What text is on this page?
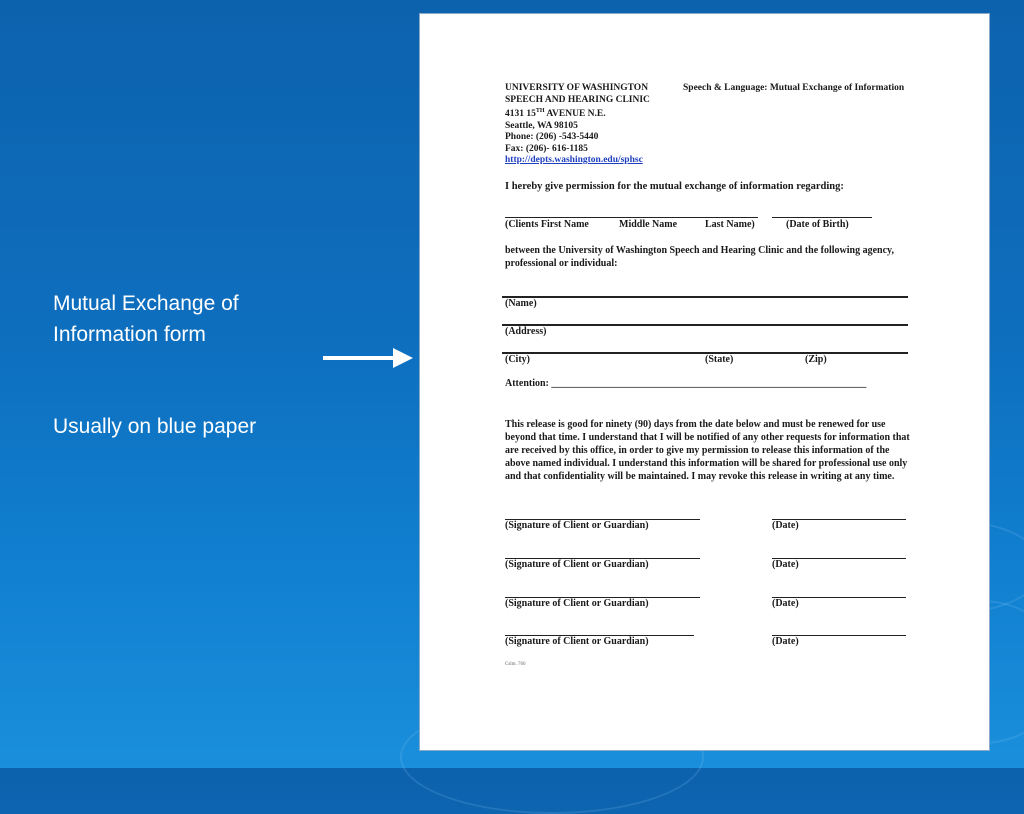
Mutual Exchange of
Information form
Usually on blue paper
UNIVERSITY OF WASHINGTON
SPEECH AND HEARING CLINIC
4131 15TH AVENUE N.E.
Seattle, WA 98105
Phone: (206) -543-5440
Fax: (206)- 616-1185
http://depts.washington.edu/sphsc
Speech & Language: Mutual Exchange of Information
I hereby give permission for the mutual exchange of information regarding:
(Clients First Name	Middle Name	Last Name)	(Date of Birth)
between the University of Washington Speech and Hearing Clinic and the following agency, professional or individual:
(Name)
(Address)
(City)	(State)	(Zip)
Attention: _______________________________________________________________
This release is good for ninety (90) days from the date below and must be renewed for use beyond that time. I understand that I will be notified of any other requests for information that are received by this office, in order to give my permission to release this information of the above named individual. I understand this information will be shared for professional use only and that confidentiality will be maintained. I may revoke this release in writing at any time.
(Signature of Client or Guardian)	(Date)
(Signature of Client or Guardian)	(Date)
(Signature of Client or Guardian)	(Date)
(Signature of Client or Guardian)	(Date)
Cslm. 760
